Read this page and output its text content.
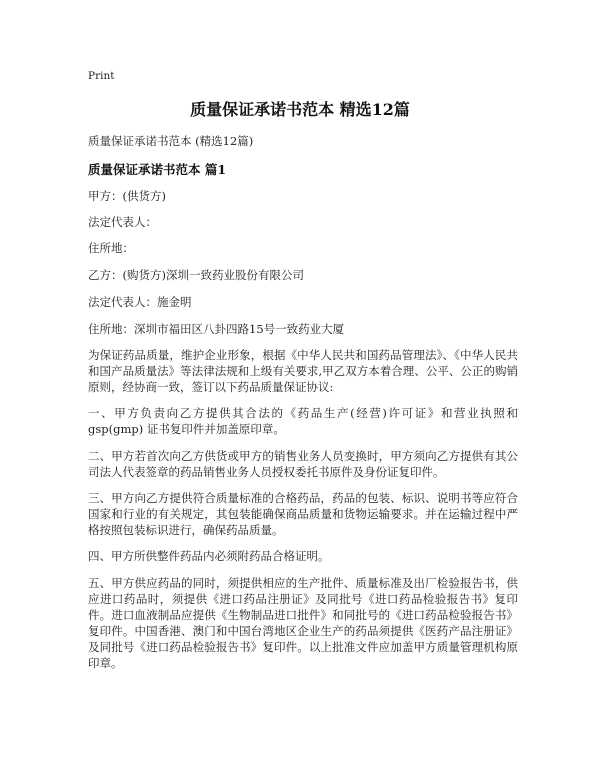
Print
质量保证承诺书范本 精选12篇
质量保证承诺书范本 (精选12篇)
质量保证承诺书范本 篇1
甲方：(供货方)
法定代表人：
住所地：
乙方：(购货方)深圳一致药业股份有限公司
法定代表人：施金明
住所地：深圳市福田区八卦四路15号一致药业大厦
为保证药品质量，维护企业形象，根据《中华人民共和国药品管理法》、《中华人民共和国产品质量法》等法律法规和上级有关要求,甲乙双方本着合理、公平、公正的购销原则，经协商一致，签订以下药品质量保证协议:
一、甲方负责向乙方提供其合法的《药品生产(经营)许可证》和营业执照和gsp(gmp) 证书复印件并加盖原印章。
二、甲方若首次向乙方供货或甲方的销售业务人员变换时，甲方须向乙方提供有其公司法人代表签章的药品销售业务人员授权委托书原件及身份证复印件。
三、甲方向乙方提供符合质量标准的合格药品，药品的包装、标识、说明书等应符合国家和行业的有关规定，其包装能确保商品质量和货物运输要求。并在运输过程中严格按照包装标识进行，确保药品质量。
四、甲方所供整件药品内必须附药品合格证明。
五、甲方供应药品的同时，须提供相应的生产批件、质量标准及出厂检验报告书，供应进口药品时，须提供《进口药品注册证》及同批号《进口药品检验报告书》复印件。进口血液制品应提供《生物制品进口批件》和同批号的《进口药品检验报告书》复印件。中国香港、澳门和中国台湾地区企业生产的药品须提供《医药产品注册证》及同批号《进口药品检验报告书》复印件。以上批准文件应加盖甲方质量管理机构原印章。
